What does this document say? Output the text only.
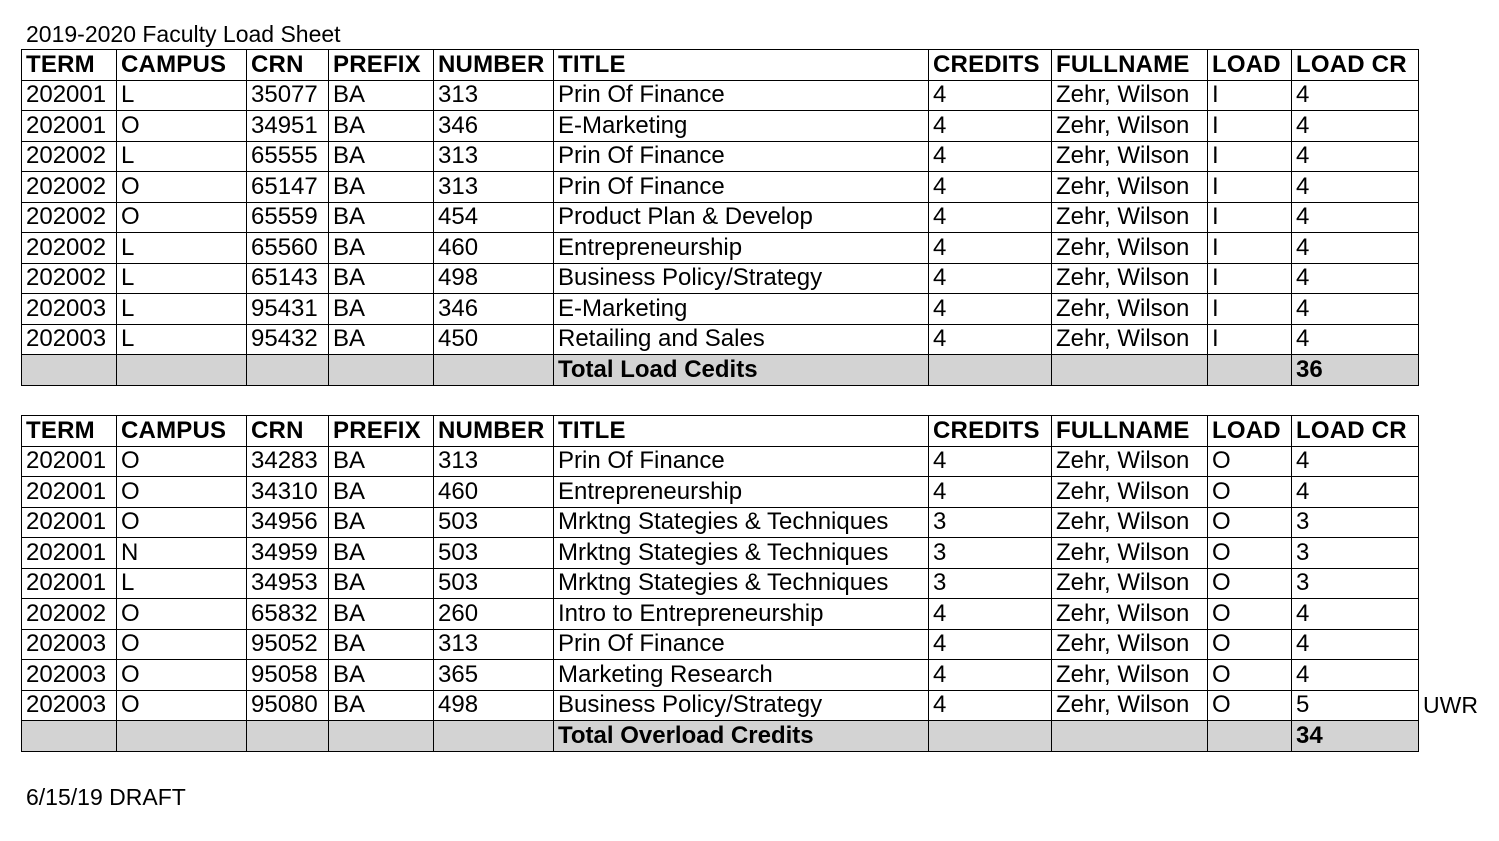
2019-2020 Faculty Load Sheet
TERM	CAMPUS	CRN	PREFIX	NUMBER	TITLE	CREDITS	FULLNAME	LOAD	LOAD CR
202001	L	35077	BA	313	Prin Of Finance	4	Zehr, Wilson	I	4
202001	O	34951	BA	346	E-Marketing	4	Zehr, Wilson	I	4
202002	L	65555	BA	313	Prin Of Finance	4	Zehr, Wilson	I	4
202002	O	65147	BA	313	Prin Of Finance	4	Zehr, Wilson	I	4
202002	O	65559	BA	454	Product Plan & Develop	4	Zehr, Wilson	I	4
202002	L	65560	BA	460	Entrepreneurship	4	Zehr, Wilson	I	4
202002	L	65143	BA	498	Business Policy/Strategy	4	Zehr, Wilson	I	4
202003	L	95431	BA	346	E-Marketing	4	Zehr, Wilson	I	4
202003	L	95432	BA	450	Retailing and Sales	4	Zehr, Wilson	I	4
					Total Load Cedits				36
TERM	CAMPUS	CRN	PREFIX	NUMBER	TITLE	CREDITS	FULLNAME	LOAD	LOAD CR
202001	O	34283	BA	313	Prin Of Finance	4	Zehr, Wilson	O	4
202001	O	34310	BA	460	Entrepreneurship	4	Zehr, Wilson	O	4
202001	O	34956	BA	503	Mrktng Stategies & Techniques	3	Zehr, Wilson	O	3
202001	N	34959	BA	503	Mrktng Stategies & Techniques	3	Zehr, Wilson	O	3
202001	L	34953	BA	503	Mrktng Stategies & Techniques	3	Zehr, Wilson	O	3
202002	O	65832	BA	260	Intro to Entrepreneurship	4	Zehr, Wilson	O	4
202003	O	95052	BA	313	Prin Of Finance	4	Zehr, Wilson	O	4
202003	O	95058	BA	365	Marketing Research	4	Zehr, Wilson	O	4
202003	O	95080	BA	498	Business Policy/Strategy	4	Zehr, Wilson	O	5
					Total Overload Credits				34
UWR
6/15/19 DRAFT
